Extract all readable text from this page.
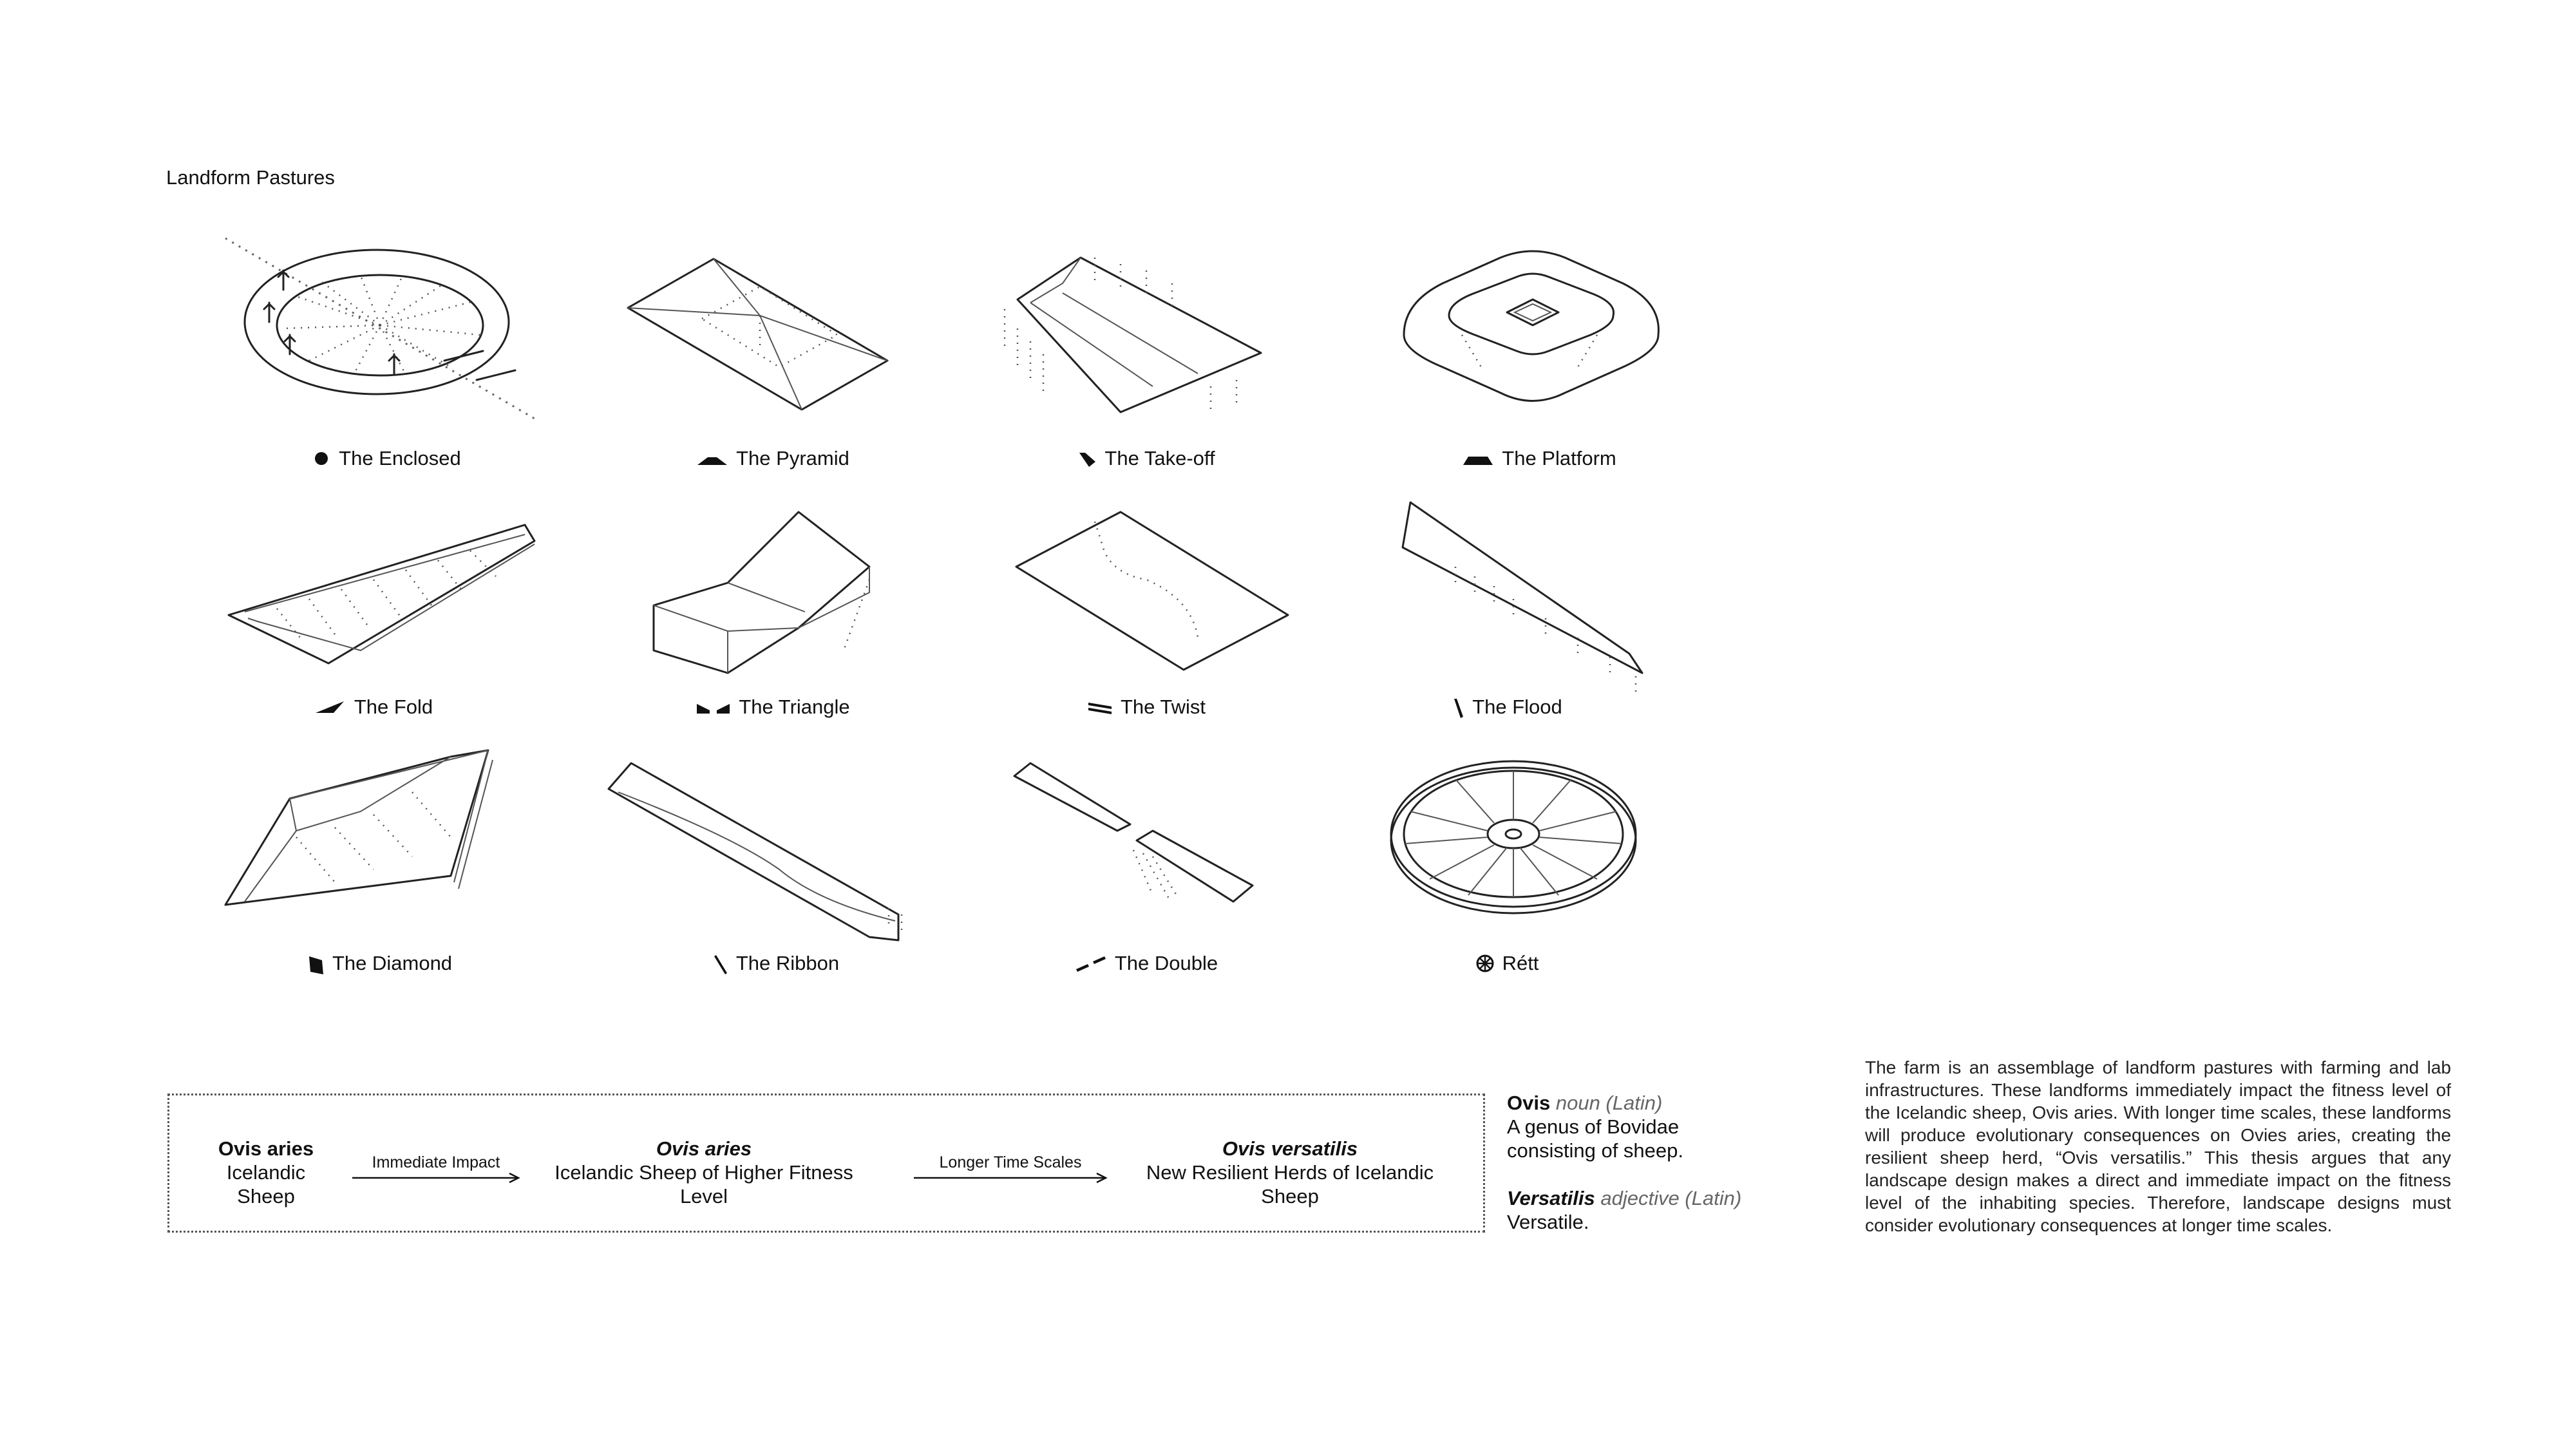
Landform Pastures
The Enclosed	The Pyramid	The Take-off	The Platform
The Fold	The Triangle	The Twist	The Flood
The Diamond	The Ribbon	The Double	Rétt
Ovis aries
Icelandic Sheep
Immediate Impact
Ovis aries
Icelandic Sheep of Higher Fitness Level
Longer Time Scales
Ovis versatilis
New Resilient Herds of Icelandic Sheep
Ovis noun (Latin)
A genus of Bovidae
consisting of sheep.
Versatilis adjective (Latin)
Versatile.

The farm is an assemblage of landform pastures with farming and lab infrastructures. These landforms immediately impact the fitness level of the Icelandic sheep, Ovis aries. With longer time scales, these landforms will produce evolutionary consequences on Ovies aries, creating the resilient sheep herd, “Ovis versatilis.” This thesis argues that any landscape design makes a direct and immediate impact on the fitness level of the inhabiting species. Therefore, landscape designs must consider evolutionary consequences at longer time scales.
